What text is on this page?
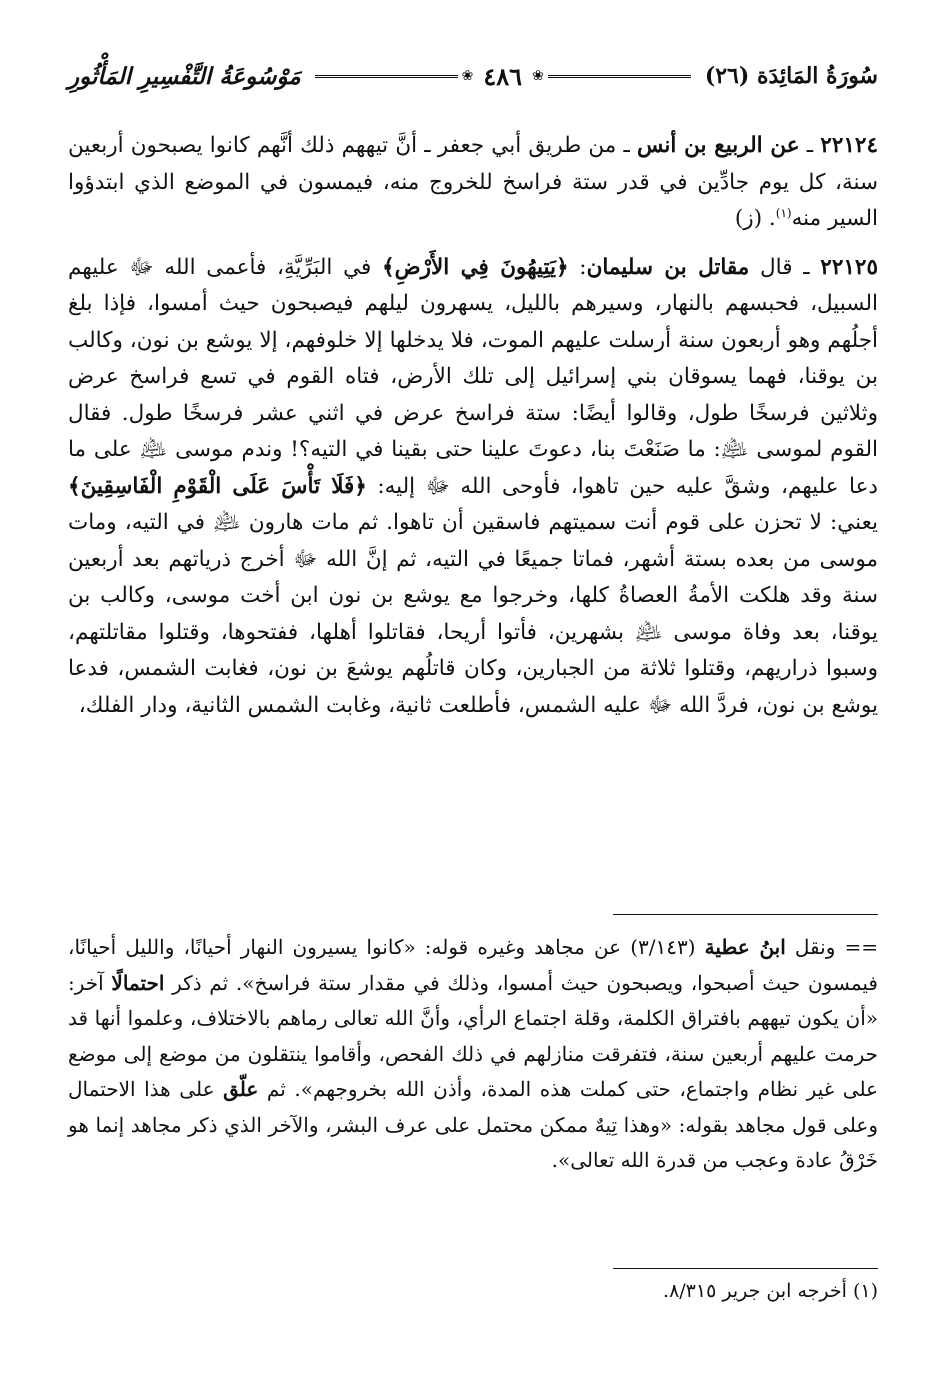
سُورَةُ المَائِدَة (٢٦)
❀
٤٨٦
❀
مَوْسُوعَةُ التَّفْسِيرِ المَأْثُورِ

٢٢١٢٤ ـ عن الربيع بن أنس ـ من طريق أبي جعفر ـ أنَّ تيههم ذلك أنَّهم كانوا يصبحون أربعين سنة، كل يوم جادِّين في قدر ستة فراسخ للخروج منه، فيمسون في الموضع الذي ابتدؤوا السير منه$^{(١)}$. (ز)

٢٢١٢٥ ـ قال مقاتل بن سليمان: ﴿يَتِيهُونَ فِي الأَرْضِ﴾ في البَرِّيَّةِ، فأعمى الله ﷻ عليهم السبيل، فحبسهم بالنهار، وسيرهم بالليل، يسهرون ليلهم فيصبحون حيث أمسوا، فإذا بلغ أجلُهم وهو أربعون سنة أرسلت عليهم الموت، فلا يدخلها إلا خلوفهم، إلا يوشع بن نون، وكالب بن يوقنا، فهما يسوقان بني إسرائيل إلى تلك الأرض، فتاه القوم في تسع فراسخ عرض وثلاثين فرسخًا طول، وقالوا أيضًا: ستة فراسخ عرض في اثني عشر فرسخًا طول. فقال القوم لموسى ﵇: ما صَنَعْتَ بنا، دعوتَ علينا حتى بقينا في التيه؟! وندم موسى ﵇ على ما دعا عليهم، وشقَّ عليه حين تاهوا، فأوحى الله ﷻ إليه: ﴿فَلَا تَأْسَ عَلَى الْقَوْمِ الْفَاسِقِينَ﴾ يعني: لا تحزن على قوم أنت سميتهم فاسقين أن تاهوا. ثم مات هارون ﵇ في التيه، ومات موسى من بعده بستة أشهر، فماتا جميعًا في التيه، ثم إنَّ الله ﷻ أخرج ذرياتهم بعد أربعين سنة وقد هلكت الأمةُ العصاةُ كلها، وخرجوا مع يوشع بن نون ابن أخت موسى، وكالب بن يوقنا، بعد وفاة موسى ﵇ بشهرين، فأتوا أريحا، فقاتلوا أهلها، ففتحوها، وقتلوا مقاتلتهم، وسبوا ذراريهم، وقتلوا ثلاثة من الجبارين، وكان قاتلُهم يوشعَ بن نون، فغابت الشمس، فدعا يوشع بن نون، فردَّ الله ﷻ عليه الشمس، فأطلعت ثانية، وغابت الشمس الثانية، ودار الفلك،

== ونقل ابنُ عطية (٣/١٤٣) عن مجاهد وغيره قوله: «كانوا يسيرون النهار أحيانًا، والليل أحيانًا، فيمسون حيث أصبحوا، ويصبحون حيث أمسوا، وذلك في مقدار ستة فراسخ». ثم ذكر احتمالًا آخر: «أن يكون تيههم بافتراق الكلمة، وقلة اجتماع الرأي، وأنَّ الله تعالى رماهم بالاختلاف، وعلموا أنها قد حرمت عليهم أربعين سنة، فتفرقت منازلهم في ذلك الفحص، وأقاموا ينتقلون من موضع إلى موضع على غير نظام واجتماع، حتى كملت هذه المدة، وأذن الله بخروجهم». ثم علّق على هذا الاحتمال وعلى قول مجاهد بقوله: «وهذا تِيهٌ ممكن محتمل على عرف البشر، والآخر الذي ذكر مجاهد إنما هو خَرْقُ عادة وعجب من قدرة الله تعالى».

(١) أخرجه ابن جرير ٨/٣١٥.
